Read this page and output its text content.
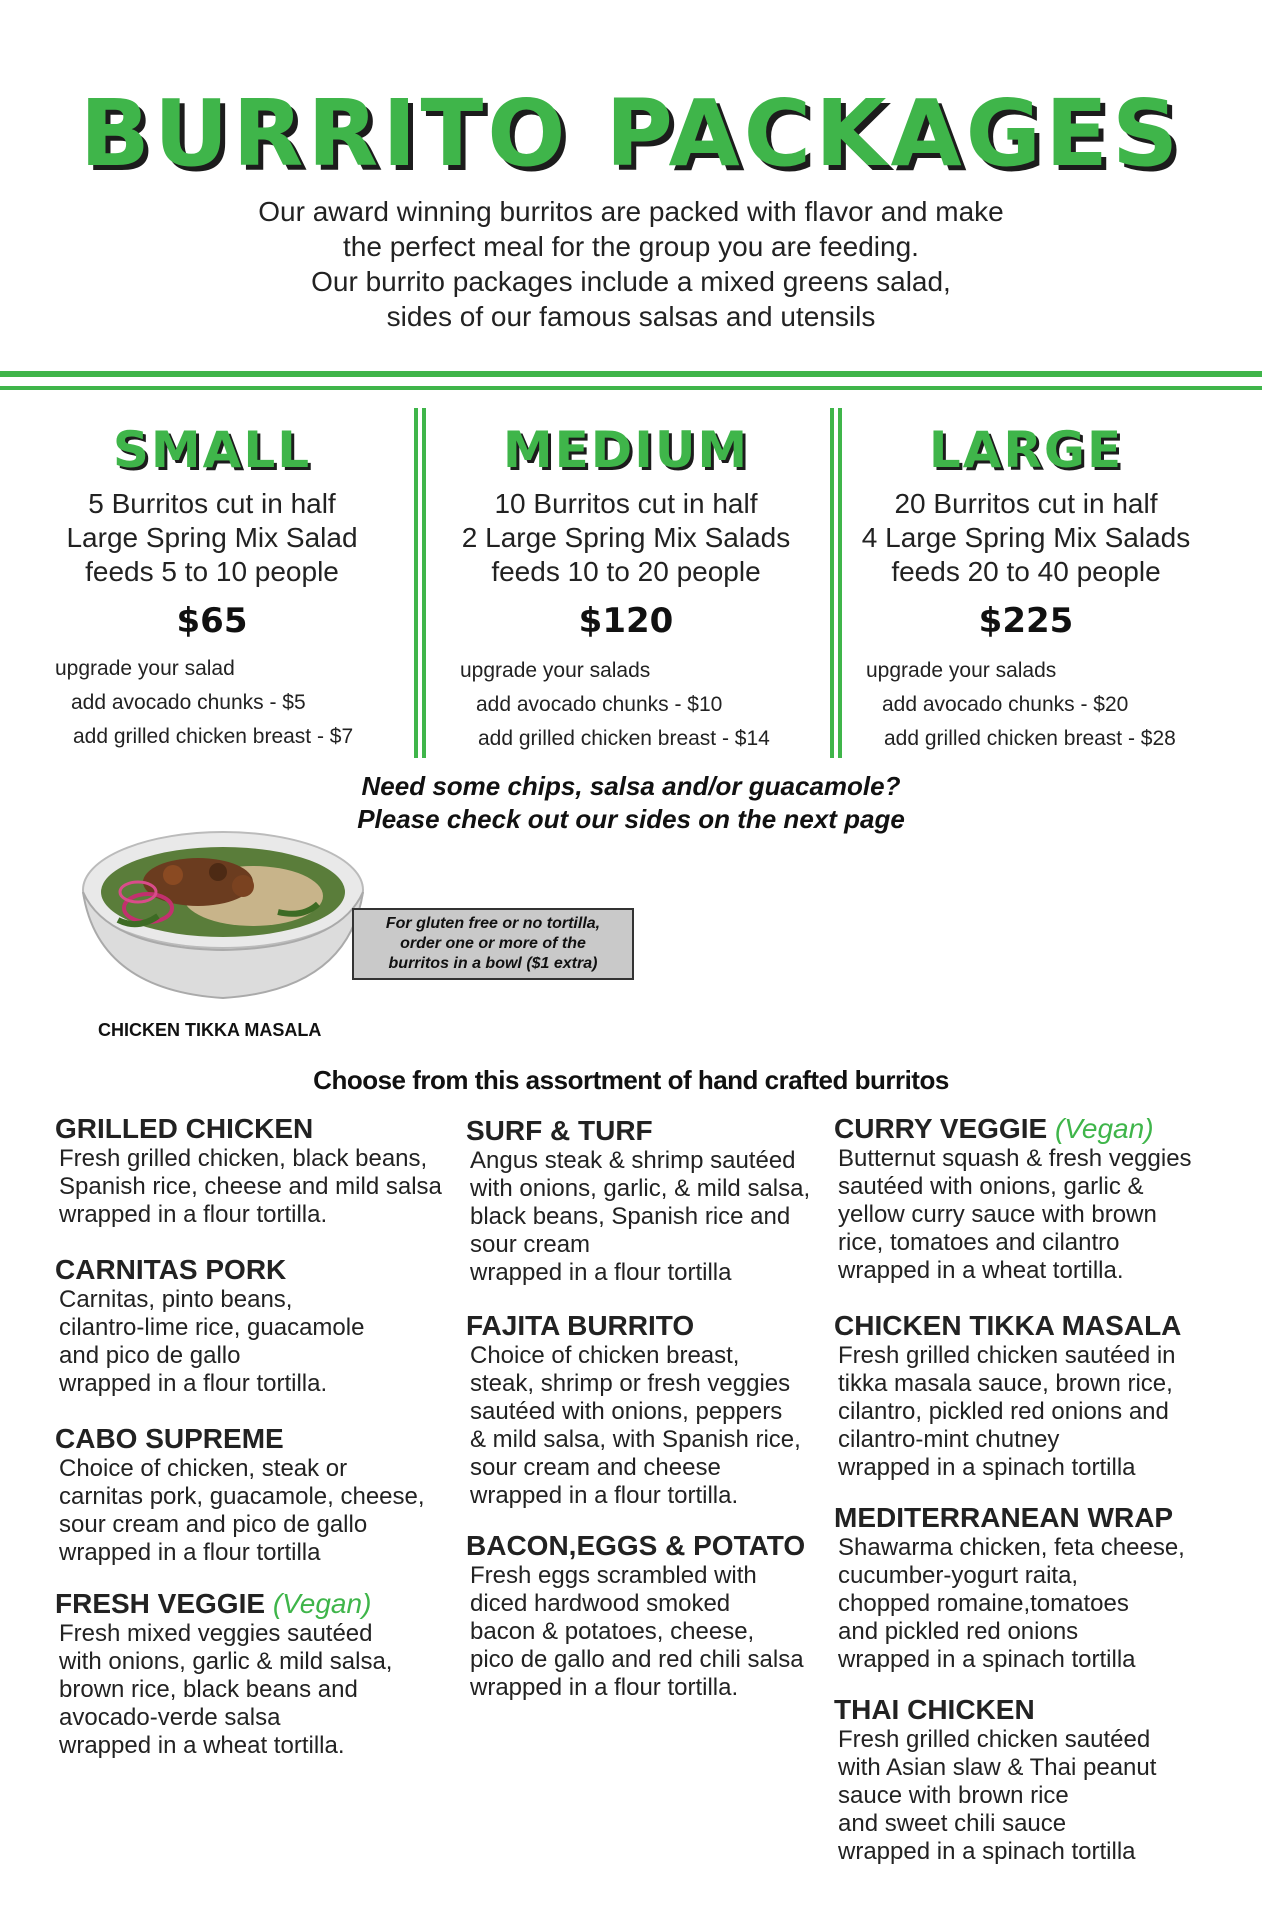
BURRITO PACKAGES
Our award winning burritos are packed with flavor and make
the perfect meal for the group you are feeding.
Our burrito packages include a mixed greens salad,
sides of our famous salsas and utensils
SMALL
5 Burritos cut in half
Large Spring Mix Salad
feeds 5 to 10 people
$65
upgrade your salad
add avocado chunks - $5
add grilled chicken breast - $7
MEDIUM
10 Burritos cut in half
2 Large Spring Mix Salads
feeds 10 to 20 people
$120
upgrade your salads
add avocado chunks - $10
add grilled chicken breast - $14
LARGE
20 Burritos cut in half
4 Large Spring Mix Salads
feeds 20 to 40 people
$225
upgrade your salads
add avocado chunks - $20
add grilled chicken breast - $28
Need some chips, salsa and/or guacamole?
Please check out our sides on the next page
For gluten free or no tortilla,
order one or more of the
burritos in a bowl ($1 extra)
CHICKEN TIKKA MASALA
Choose from this assortment of hand crafted burritos
GRILLED CHICKEN
Fresh grilled chicken, black beans,
Spanish rice, cheese and mild salsa
wrapped in a flour tortilla.
CARNITAS PORK
Carnitas, pinto beans,
cilantro-lime rice, guacamole
and pico de gallo
wrapped in a flour tortilla.
CABO SUPREME
Choice of chicken, steak or
carnitas pork, guacamole, cheese,
sour cream and pico de gallo
wrapped in a flour tortilla
FRESH VEGGIE (Vegan)
Fresh mixed veggies sautéed
with onions, garlic & mild salsa,
brown rice, black beans and
avocado-verde salsa
wrapped in a wheat tortilla.
SURF & TURF
Angus steak & shrimp sautéed
with onions, garlic, & mild salsa,
black beans, Spanish rice and
sour cream
wrapped in a flour tortilla
FAJITA BURRITO
Choice of chicken breast,
steak, shrimp or fresh veggies
sautéed with onions, peppers
& mild salsa, with Spanish rice,
sour cream and cheese
wrapped in a flour tortilla.
BACON,EGGS & POTATO
Fresh eggs scrambled with
diced hardwood smoked
bacon & potatoes, cheese,
pico de gallo and red chili salsa
wrapped in a flour tortilla.
CURRY VEGGIE (Vegan)
Butternut squash & fresh veggies
sautéed with onions, garlic &
yellow curry sauce with brown
rice, tomatoes and cilantro
wrapped in a wheat tortilla.
CHICKEN TIKKA MASALA
Fresh grilled chicken sautéed in
tikka masala sauce, brown rice,
cilantro, pickled red onions and
cilantro-mint chutney
wrapped in a spinach tortilla
MEDITERRANEAN WRAP
Shawarma chicken, feta cheese,
cucumber-yogurt raita,
chopped romaine,tomatoes
and pickled red onions
wrapped in a spinach tortilla
THAI CHICKEN
Fresh grilled chicken sautéed
with Asian slaw & Thai peanut
sauce with brown rice
and sweet chili sauce
wrapped in a spinach tortilla
